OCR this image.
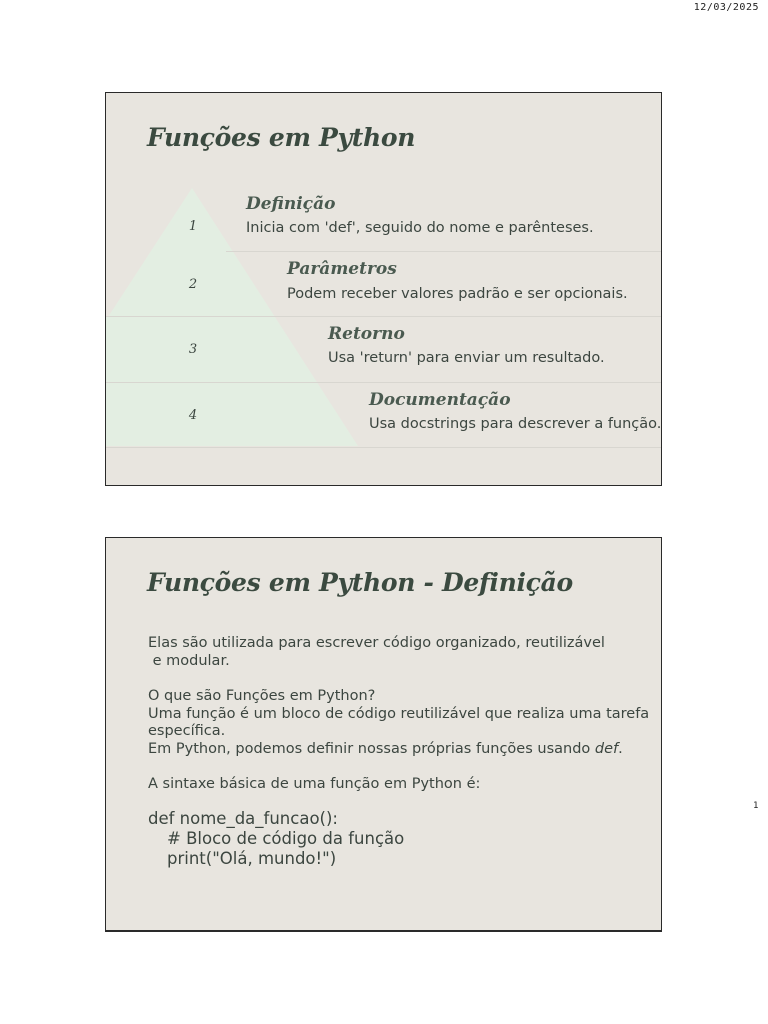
12/03/2025
Funções em Python
1
Definição
Inicia com 'def', seguido do nome e parênteses.
2
Parâmetros
Podem receber valores padrão e ser opcionais.
3
Retorno
Usa 'return' para enviar um resultado.
4
Documentação
Usa docstrings para descrever a função.
Funções em Python - Definição
Elas são utilizada para escrever código organizado, reutilizável
e modular.
O que são Funções em Python?
Uma função é um bloco de código reutilizável que realiza uma tarefa específica.
Em Python, podemos definir nossas próprias funções usando def.
A sintaxe básica de uma função em Python é:
def nome_da_funcao():
# Bloco de código da função
print("Olá, mundo!")
1
